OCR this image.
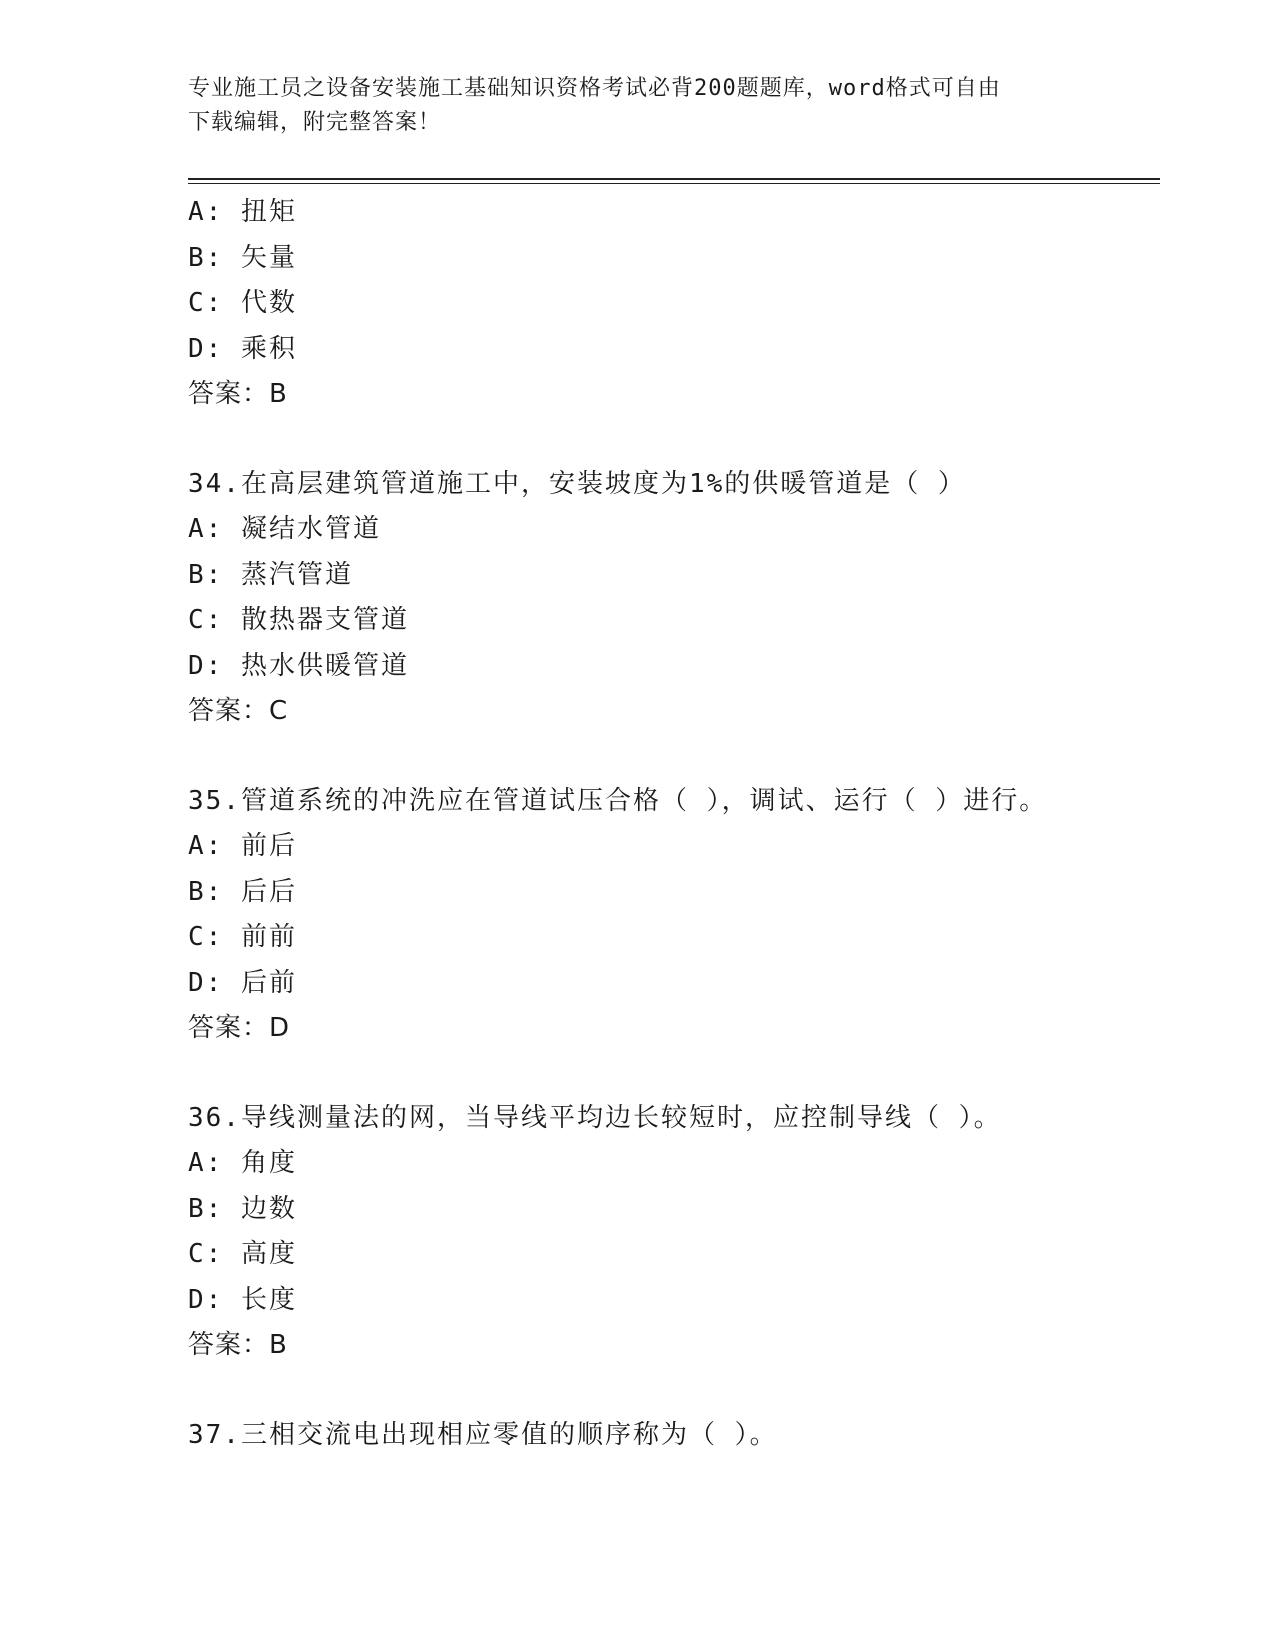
专业施工员之设备安装施工基础知识资格考试必背200题题库，word格式可自由
下载编辑，附完整答案！
A: 扭矩
B: 矢量
C: 代数
D: 乘积
答案：B
34.在高层建筑管道施工中，安装坡度为1%的供暖管道是（ ）
A: 凝结水管道
B: 蒸汽管道
C: 散热器支管道
D: 热水供暖管道
答案：C
35.管道系统的冲洗应在管道试压合格（ ），调试、运行（ ）进行。
A: 前后
B: 后后
C: 前前
D: 后前
答案：D
36.导线测量法的网，当导线平均边长较短时，应控制导线（ ）。
A: 角度
B: 边数
C: 高度
D: 长度
答案：B
37.三相交流电出现相应零值的顺序称为（ ）。
